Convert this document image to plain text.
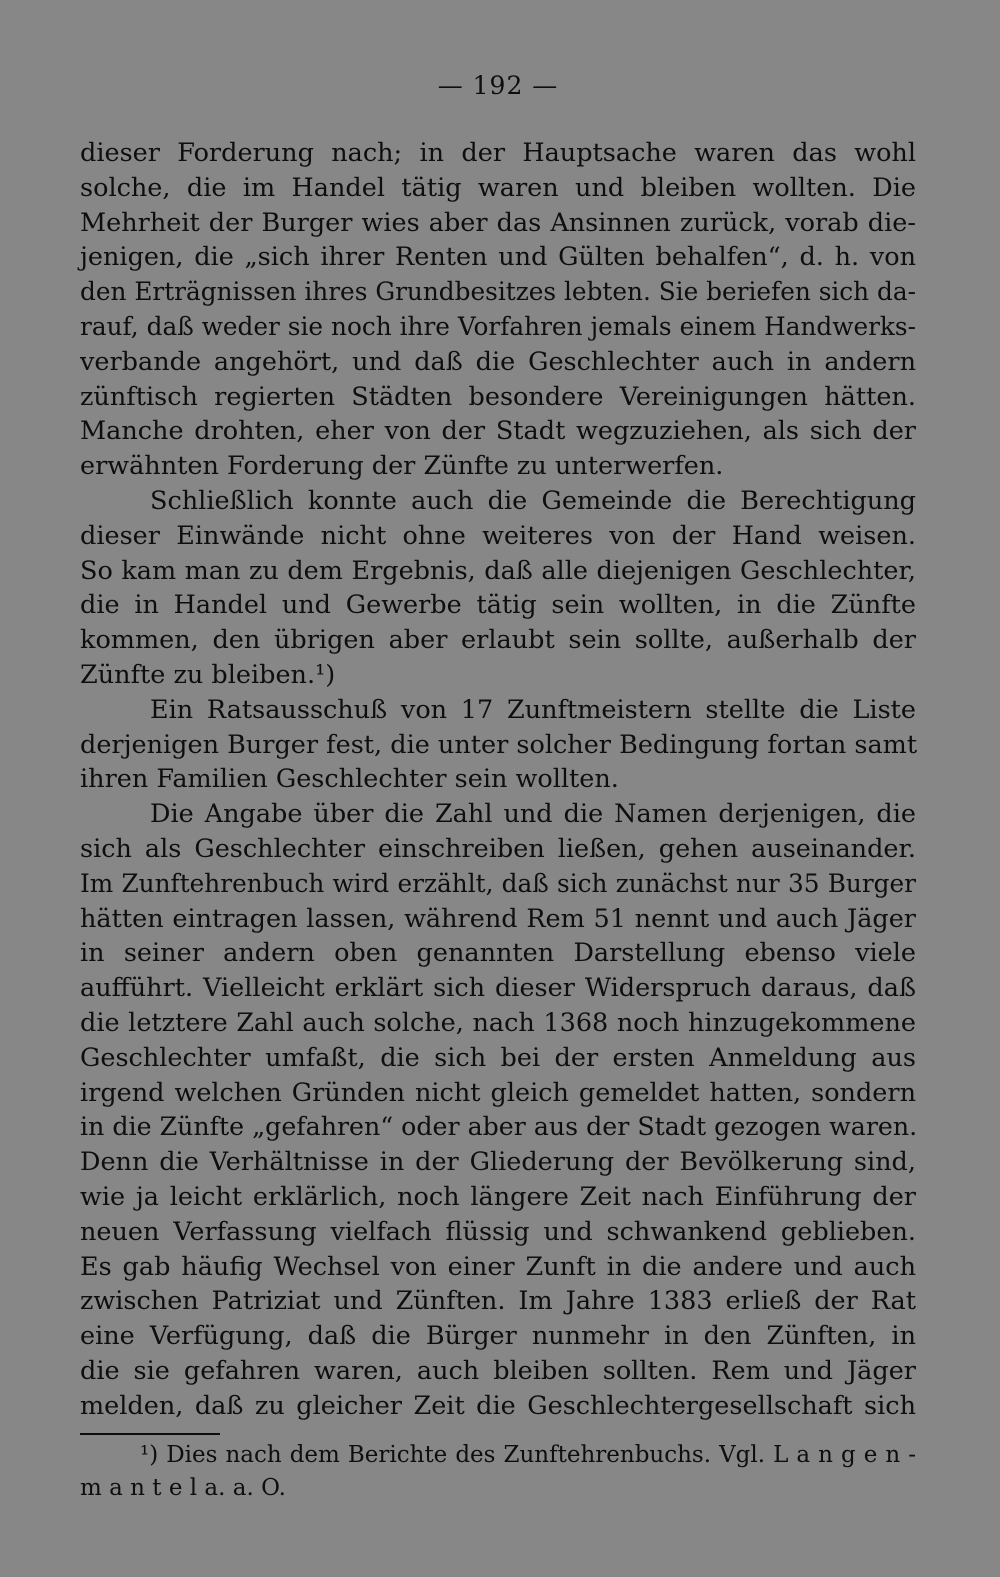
— 192 —
dieser Forderung nach; in der Hauptsache waren das wohl
solche, die im Handel tätig waren und bleiben wollten. Die
Mehrheit der Burger wies aber das Ansinnen zurück, vorab die-
jenigen, die „sich ihrer Renten und Gülten behalfen“, d. h. von
den Erträgnissen ihres Grundbesitzes lebten. Sie beriefen sich da-
rauf, daß weder sie noch ihre Vorfahren jemals einem Handwerks-
verbande angehört, und daß die Geschlechter auch in andern
zünftisch regierten Städten besondere Vereinigungen hätten.
Manche drohten, eher von der Stadt wegzuziehen, als sich der
erwähnten Forderung der Zünfte zu unterwerfen.
Schließlich konnte auch die Gemeinde die Berechtigung
dieser Einwände nicht ohne weiteres von der Hand weisen.
So kam man zu dem Ergebnis, daß alle diejenigen Geschlechter,
die in Handel und Gewerbe tätig sein wollten, in die Zünfte
kommen, den übrigen aber erlaubt sein sollte, außerhalb der
Zünfte zu bleiben.¹)
Ein Ratsausschuß von 17 Zunftmeistern stellte die Liste
derjenigen Burger fest, die unter solcher Bedingung fortan samt
ihren Familien Geschlechter sein wollten.
Die Angabe über die Zahl und die Namen derjenigen, die
sich als Geschlechter einschreiben ließen, gehen auseinander.
Im Zunftehrenbuch wird erzählt, daß sich zunächst nur 35 Burger
hätten eintragen lassen, während Rem 51 nennt und auch Jäger
in seiner andern oben genannten Darstellung ebenso viele
aufführt. Vielleicht erklärt sich dieser Widerspruch daraus, daß
die letztere Zahl auch solche, nach 1368 noch hinzugekommene
Geschlechter umfaßt, die sich bei der ersten Anmeldung aus
irgend welchen Gründen nicht gleich gemeldet hatten, sondern
in die Zünfte „gefahren“ oder aber aus der Stadt gezogen waren.
Denn die Verhältnisse in der Gliederung der Bevölkerung sind,
wie ja leicht erklärlich, noch längere Zeit nach Einführung der
neuen Verfassung vielfach flüssig und schwankend geblieben.
Es gab häufig Wechsel von einer Zunft in die andere und auch
zwischen Patriziat und Zünften. Im Jahre 1383 erließ der Rat
eine Verfügung, daß die Bürger nunmehr in den Zünften, in
die sie gefahren waren, auch bleiben sollten. Rem und Jäger
melden, daß zu gleicher Zeit die Geschlechtergesellschaft sich
¹) Dies nach dem Berichte des Zunftehrenbuchs. Vgl. L a n g e n -
m a n t e l a. a. O.
